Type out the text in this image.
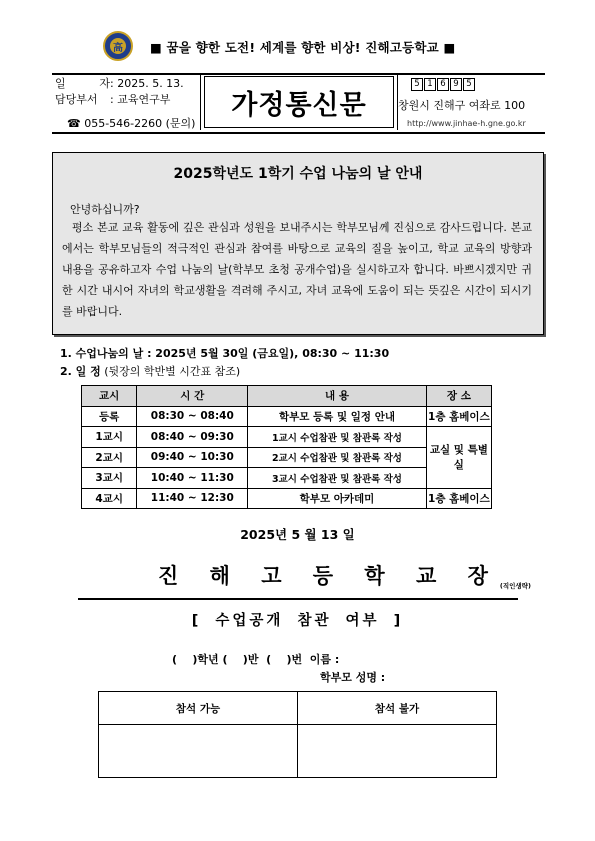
高 ■ 꿈을 향한 도전! 세계를 향한 비상! 진해고등학교 ■
일 자 : 2025. 5. 13.
담당부서	: 교육연구부
☎ 055-546-2260 (문의)
가정통신문
5 1 6 9 5
창원시 진해구 여좌로 100
http://www.jinhae-h.gne.go.kr
2025학년도 1학기 수업 나눔의 날 안내
안녕하십니까?
평소 본교 교육 활동에 깊은 관심과 성원을 보내주시는 학부모님께 진심으로 감사드립니다. 본교에서는 학부모님들의 적극적인 관심과 참여를 바탕으로 교육의 질을 높이고, 학교 교육의 방향과 내용을 공유하고자 수업 나눔의 날(학부모 초청 공개수업)을 실시하고자 합니다. 바쁘시겠지만 귀한 시간 내시어 자녀의 학교생활을 격려해 주시고, 자녀 교육에 도움이 되는 뜻깊은 시간이 되시기를 바랍니다.
1. 수업나눔의 날 : 2025년 5월 30일 (금요일), 08:30 ~ 11:30
2. 일 정 (뒷장의 학반별 시간표 참조)
교시	시 간	내 용	장 소
등록	08:30 ~ 08:40	학부모 등록 및 일정 안내	1층 홈베이스
1교시	08:40 ~ 09:30	1교시 수업참관 및 참관록 작성	교실 및 특별실
2교시	09:40 ~ 10:30	2교시 수업참관 및 참관록 작성	
3교시	10:40 ~ 11:30	3교시 수업참관 및 참관록 작성	
4교시	11:40 ~ 12:30	학부모 아카데미	1층 홈베이스
2025년 5 월 13 일
진 해 고 등 학 교 장(직인생략)
[ 수업공개 참관 여부 ]
(    )학년 (    )반  (    )번  이름 :
학부모 성명 :
참석 가능	참석 불가
